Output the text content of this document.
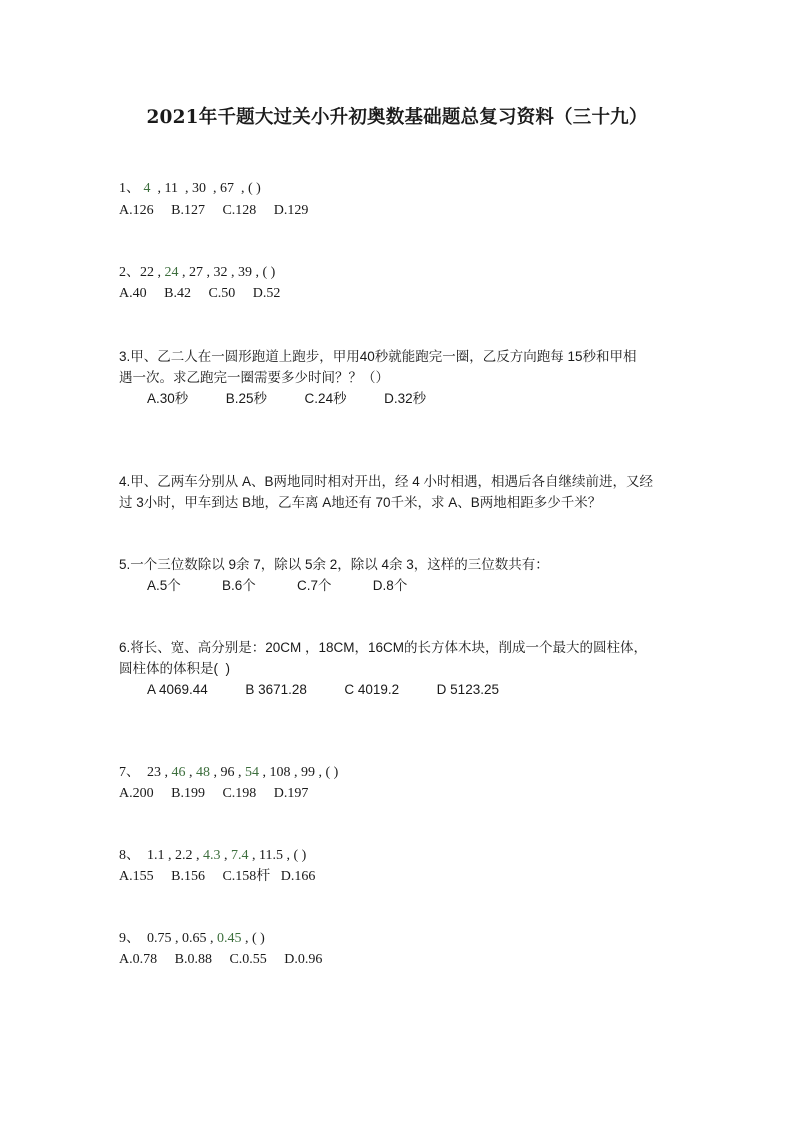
2021年千题大过关小升初奥数基础题总复习资料（三十九）
1、 4  , 11  , 30  , 67  , ( )
A.126     B.127     C.128     D.129
2、22 , 24 , 27 , 32 , 39 , ( )
A.40     B.42     C.50     D.52
3.甲、乙二人在一圆形跑道上跑步，甲用40秒就能跑完一圈，乙反方向跑每 15秒和甲相
遇一次。求乙跑完一圈需要多少时间？？（）
A.30秒          B.25秒          C.24秒          D.32秒
4.甲、乙两车分别从 A、B两地同时相对开出，经 4 小时相遇，相遇后各自继续前进，又经
过 3小时，甲车到达 B地，乙车离 A地还有 70千米，求 A、B两地相距多少千米？
5.一个三位数除以 9余 7，除以 5余 2，除以 4余 3，这样的三位数共有：
A.5个           B.6个           C.7个           D.8个
6.将长、宽、高分别是：20CM ，18CM，16CM的长方体木块，削成一个最大的圆柱体，
圆柱体的体积是(  )
A 4069.44          B 3671.28          C 4019.2          D 5123.25
7、  23 , 46 , 48 , 96 , 54 , 108 , 99 , ( )
A.200     B.199     C.198     D.197
8、  1.1 , 2.2 , 4.3 , 7.4 , 11.5 , ( )
A.155     B.156     C.158杆   D.166
9、  0.75 , 0.65 , 0.45 , ( )
A.0.78     B.0.88     C.0.55     D.0.96
